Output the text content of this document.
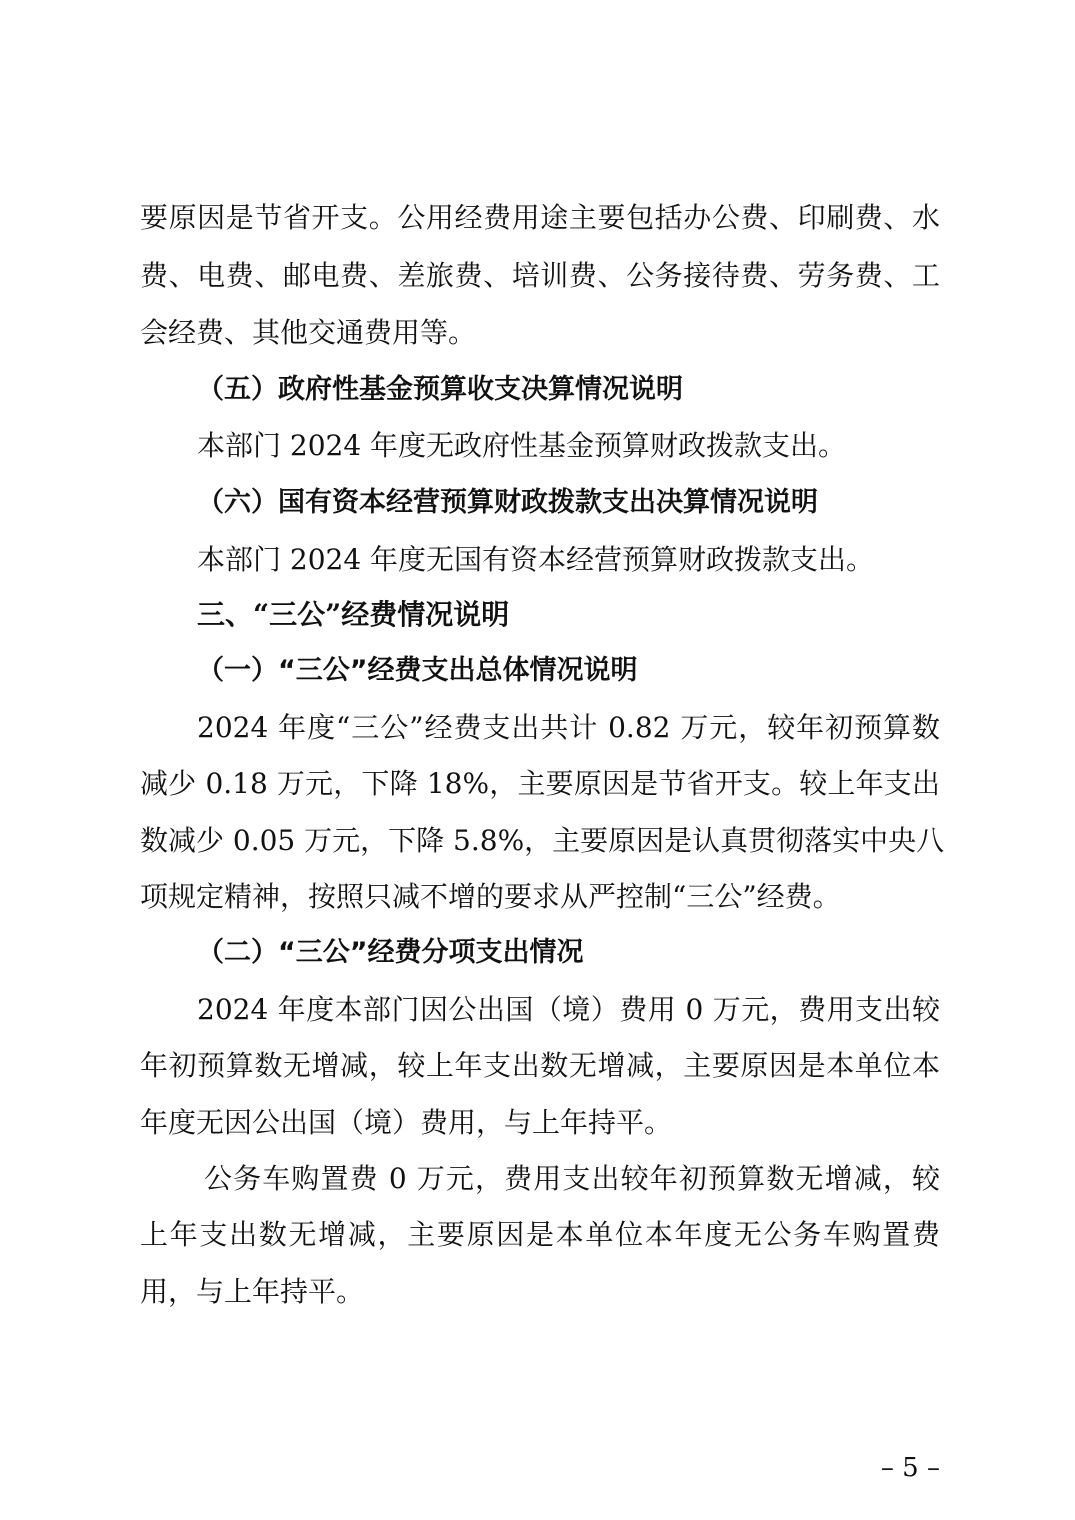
要原因是节省开支。公用经费用途主要包括办公费、印刷费、水
费、电费、邮电费、差旅费、培训费、公务接待费、劳务费、工
会经费、其他交通费用等。
（五）政府性基金预算收支决算情况说明
本部门 2024 年度无政府性基金预算财政拨款支出。
（六）国有资本经营预算财政拨款支出决算情况说明
本部门 2024 年度无国有资本经营预算财政拨款支出。
三、“三公”经费情况说明
（一）“三公”经费支出总体情况说明
2024 年度“三公”经费支出共计 0.82 万元，较年初预算数
减少 0.18 万元，下降 18%，主要原因是节省开支。较上年支出
数减少 0.05 万元，下降 5.8%，主要原因是认真贯彻落实中央八
项规定精神，按照只减不增的要求从严控制“三公”经费。
（二）“三公”经费分项支出情况
2024 年度本部门因公出国（境）费用 0 万元，费用支出较
年初预算数无增减，较上年支出数无增减，主要原因是本单位本
年度无因公出国（境）费用，与上年持平。
公务车购置费 0 万元，费用支出较年初预算数无增减，较
上年支出数无增减，主要原因是本单位本年度无公务车购置费
用，与上年持平。
– 5 –
